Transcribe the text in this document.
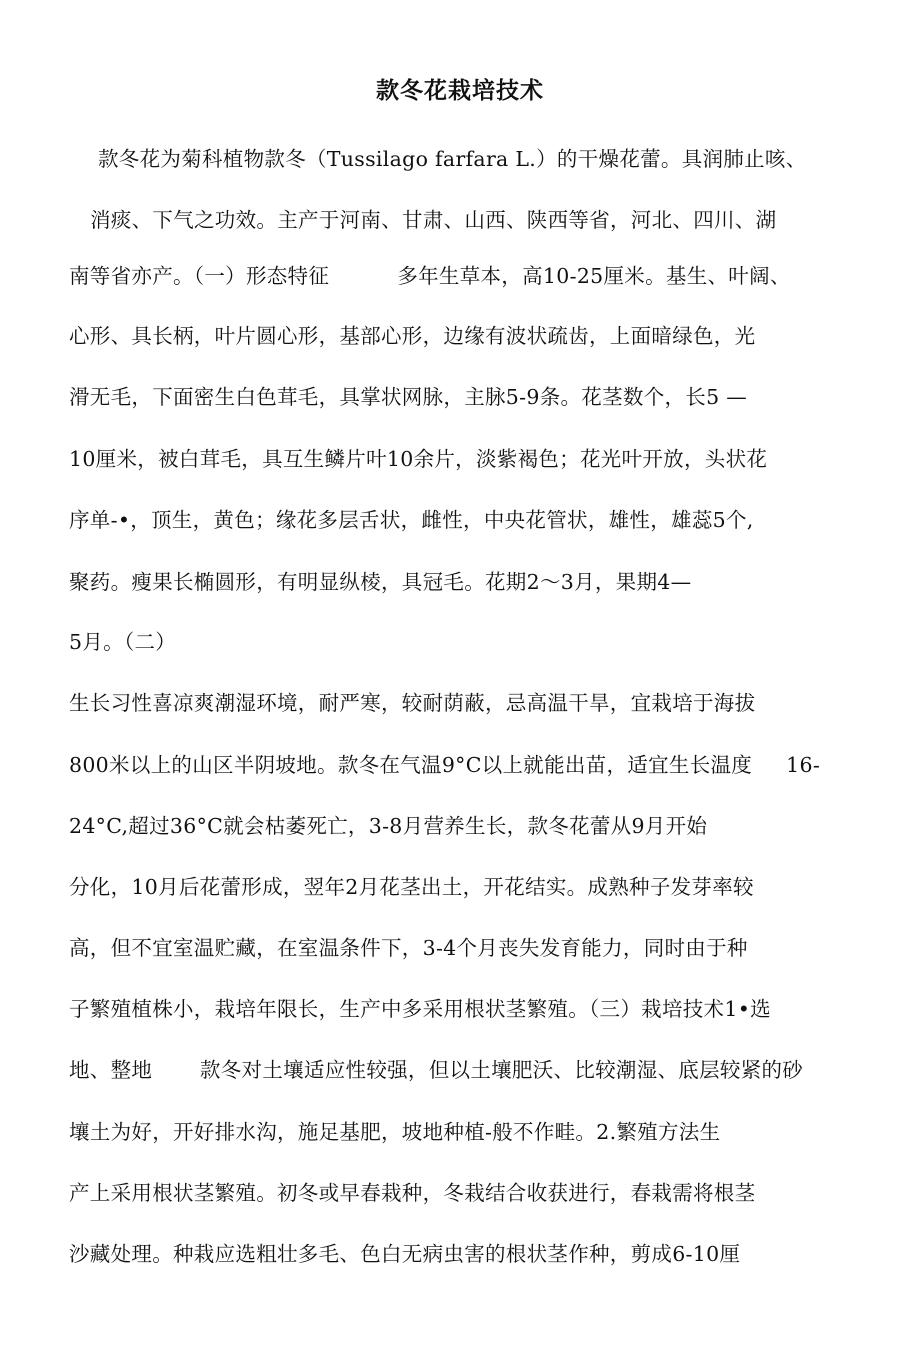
款冬花栽培技术
款冬花为菊科植物款冬（Tussilago farfara L.）的干燥花蕾。具润肺止咳、
消痰、下气之功效。主产于河南、甘肃、山西、陕西等省，河北、四川、湖
南等省亦产。（一）形态特征          多年生草本，高10-25厘米。基生、叶阔、
心形、具长柄，叶片圆心形，基部心形，边缘有波状疏齿，上面暗绿色，光
滑无毛，下面密生白色茸毛，具掌状网脉，主脉5-9条。花茎数个，长5 —
10厘米，被白茸毛，具互生鳞片叶10余片，淡紫褐色；花光叶开放，头状花
序单-•，顶生，黄色；缘花多层舌状，雌性，中央花管状，雄性，雄蕊5个,
聚药。瘦果长椭圆形，有明显纵棱，具冠毛。花期2〜3月，果期4—
5月。（二）
生长习性喜凉爽潮湿环境，耐严寒，较耐荫蔽，忌高温干旱，宜栽培于海拔
800米以上的山区半阴坡地。款冬在气温9°C以上就能出苗，适宜生长温度     16-
24°C,超过36°C就会枯萎死亡，3-8月营养生长，款冬花蕾从9月开始
分化，10月后花蕾形成，翌年2月花茎出土，开花结实。成熟种子发芽率较
高，但不宜室温贮藏，在室温条件下，3-4个月丧失发育能力，同时由于种
子繁殖植株小，栽培年限长，生产中多采用根状茎繁殖。（三）栽培技术1•选
地、整地       款冬对土壤适应性较强，但以土壤肥沃、比较潮湿、底层较紧的砂
壤土为好，开好排水沟，施足基肥，坡地种植-般不作畦。2.繁殖方法生
产上采用根状茎繁殖。初冬或早春栽种，冬栽结合收获进行，春栽需将根茎
沙藏处理。种栽应选粗壮多毛、色白无病虫害的根状茎作种，剪成6-10厘
